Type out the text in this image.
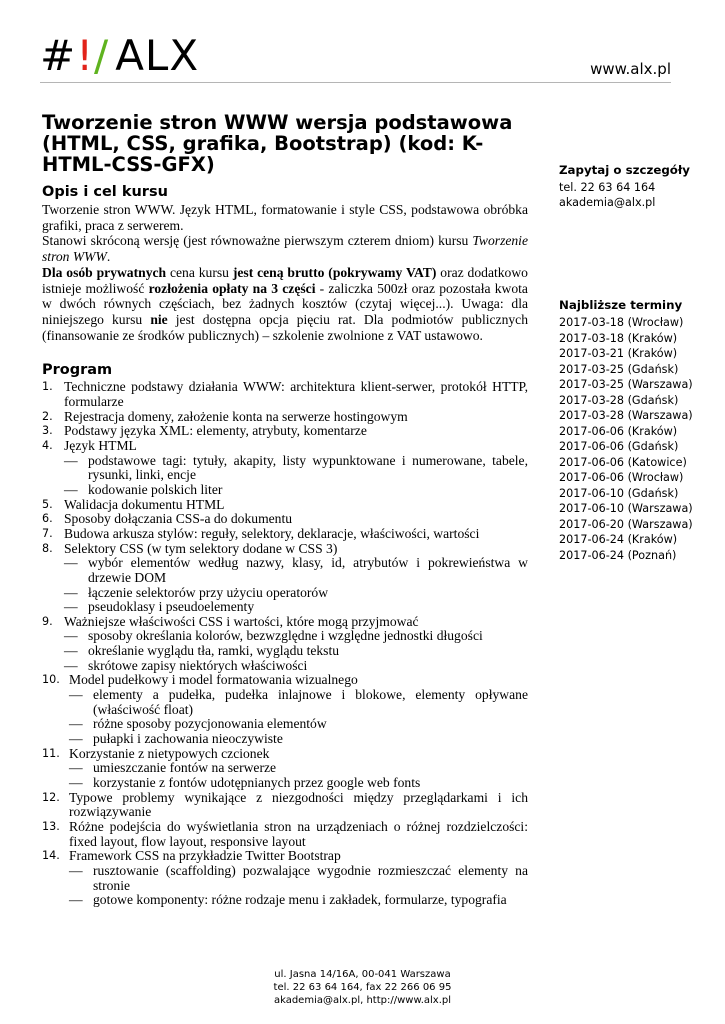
#!/ ALX	www.alx.pl
Tworzenie stron WWW wersja podstawowa (HTML, CSS, grafika, Bootstrap) (kod: K-HTML-CSS-GFX)
Opis i cel kursu

Tworzenie stron WWW. Język HTML, formatowanie i style CSS, podstawowa obróbka grafiki, praca z serwerem.

Stanowi skróconą wersję (jest równoważne pierwszym czterem dniom) kursu Tworzenie stron WWW.

Dla osób prywatnych cena kursu jest ceną brutto (pokrywamy VAT) oraz dodatkowo istnieje możliwość rozłożenia opłaty na 3 części - zaliczka 500zł oraz pozostała kwota w dwóch równych częściach, bez żadnych kosztów (czytaj więcej...). Uwaga: dla niniejszego kursu nie jest dostępna opcja pięciu rat. Dla podmiotów publicznych (finansowanie ze środków publicznych) – szkolenie zwolnione z VAT ustawowo.

Program
1. Techniczne podstawy działania WWW: architektura klient-serwer, protokół HTTP, formularze
2. Rejestracja domeny, założenie konta na serwerze hostingowym
3. Podstawy języka XML: elementy, atrybuty, komentarze
4. Język HTML
— podstawowe tagi: tytuły, akapity, listy wypunktowane i numerowane, tabele, rysunki, linki, encje
— kodowanie polskich liter
5. Walidacja dokumentu HTML
6. Sposoby dołączania CSS-a do dokumentu
7. Budowa arkusza stylów: reguły, selektory, deklaracje, właściwości, wartości
8. Selektory CSS (w tym selektory dodane w CSS 3)
— wybór elementów według nazwy, klasy, id, atrybutów i pokrewieństwa w drzewie DOM
— łączenie selektorów przy użyciu operatorów
— pseudoklasy i pseudoelementy
9. Ważniejsze właściwości CSS i wartości, które mogą przyjmować
— sposoby określania kolorów, bezwzględne i względne jednostki długości
— określanie wyglądu tła, ramki, wyglądu tekstu
— skrótowe zapisy niektórych właściwości
10. Model pudełkowy i model formatowania wizualnego
— elementy a pudełka, pudełka inlajnowe i blokowe, elementy opływane (właściwość float)
— różne sposoby pozycjonowania elementów
— pułapki i zachowania nieoczywiste
11. Korzystanie z nietypowych czcionek
— umieszczanie fontów na serwerze
— korzystanie z fontów udotępnianych przez google web fonts
12. Typowe problemy wynikające z niezgodności między przeglądarkami i ich rozwiązywanie
13. Różne podejścia do wyświetlania stron na urządzeniach o różnej rozdzielczości: fixed layout, flow layout, responsive layout
14. Framework CSS na przykładzie Twitter Bootstrap
— rusztowanie (scaffolding) pozwalające wygodnie rozmieszczać elementy na stronie
— gotowe komponenty: różne rodzaje menu i zakładek, formularze, typografia
Zapytaj o szczegóły
tel. 22 63 64 164
akademia@alx.pl
Najbliższe terminy
2017-03-18 (Wrocław)
2017-03-18 (Kraków)
2017-03-21 (Kraków)
2017-03-25 (Gdańsk)
2017-03-25 (Warszawa)
2017-03-28 (Gdańsk)
2017-03-28 (Warszawa)
2017-06-06 (Kraków)
2017-06-06 (Gdańsk)
2017-06-06 (Katowice)
2017-06-06 (Wrocław)
2017-06-10 (Gdańsk)
2017-06-10 (Warszawa)
2017-06-20 (Warszawa)
2017-06-24 (Kraków)
2017-06-24 (Poznań)
ul. Jasna 14/16A, 00-041 Warszawa
tel. 22 63 64 164, fax 22 266 06 95
akademia@alx.pl, http://www.alx.pl
